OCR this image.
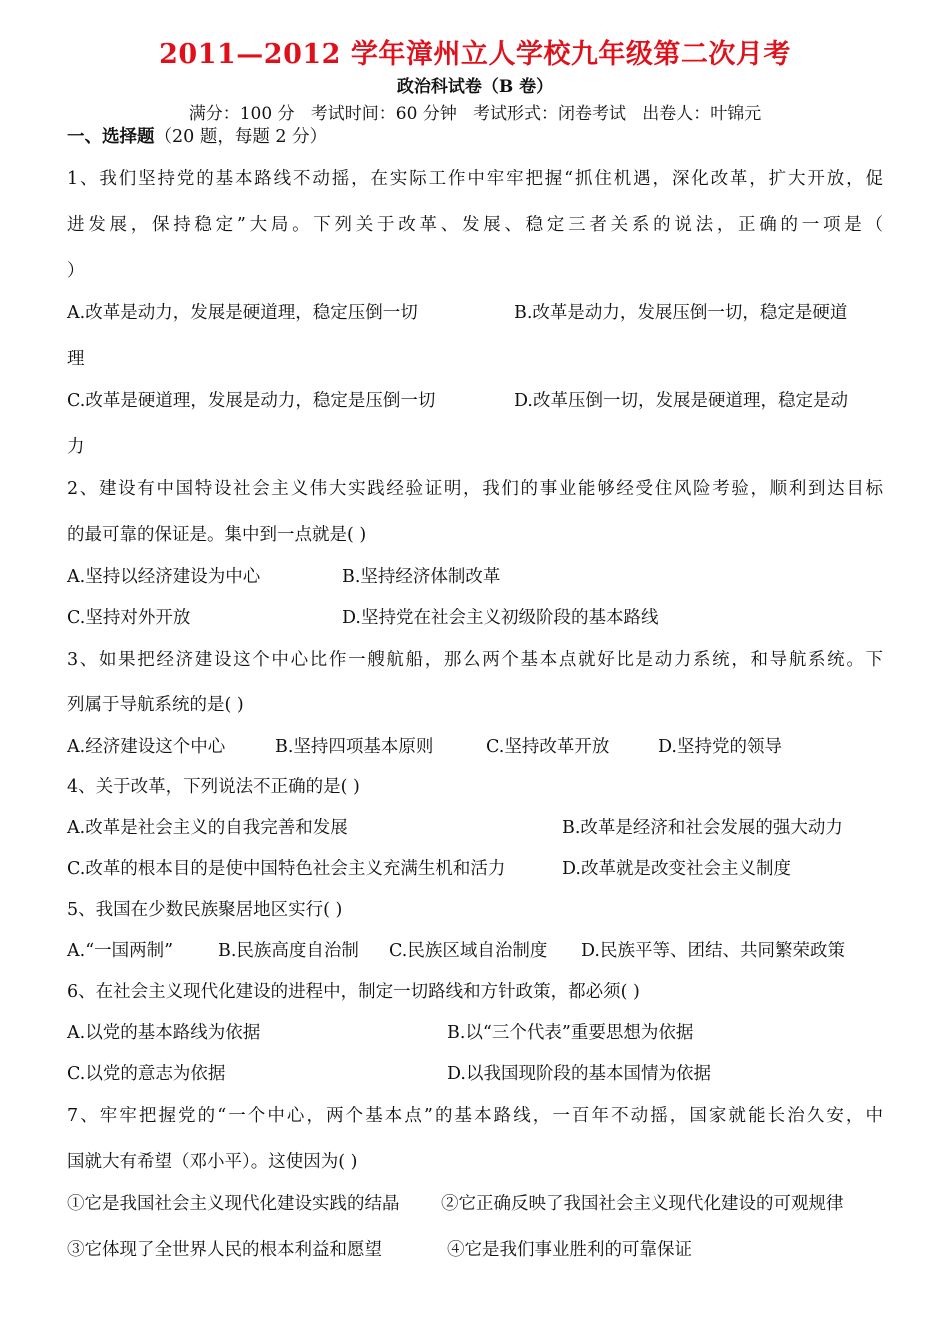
2011—2012 学年漳州立人学校九年级第二次月考
政治科试卷（B 卷）
满分：100 分   考试时间：60 分钟   考试形式：闭卷考试   出卷人：叶锦元
一、选择题（20 题，每题 2 分）
1、我们坚持党的基本路线不动摇，在实际工作中牢牢把握“抓住机遇，深化改革，扩大开放，促
进发展，保持稳定”大局。下列关于改革、发展、稳定三者关系的说法，正确的一项是（
）
A.改革是动力，发展是硬道理，稳定压倒一切	B.改革是动力，发展压倒一切，稳定是硬道
理
C.改革是硬道理，发展是动力，稳定是压倒一切	D.改革压倒一切，发展是硬道理，稳定是动
力
2、建设有中国特设社会主义伟大实践经验证明，我们的事业能够经受住风险考验，顺利到达目标
的最可靠的保证是。集中到一点就是( )
A.坚持以经济建设为中心	B.坚持经济体制改革
C.坚持对外开放	D.坚持党在社会主义初级阶段的基本路线
3、如果把经济建设这个中心比作一艘航船，那么两个基本点就好比是动力系统，和导航系统。下
列属于导航系统的是( )
A.经济建设这个中心	B.坚持四项基本原则	C.坚持改革开放	D.坚持党的领导
4、关于改革，下列说法不正确的是( )
A.改革是社会主义的自我完善和发展	B.改革是经济和社会发展的强大动力
C.改革的根本目的是使中国特色社会主义充满生机和活力	D.改革就是改变社会主义制度
5、我国在少数民族聚居地区实行( )
A.“一国两制”	B.民族高度自治制 C.民族区域自治制度 D.民族平等、团结、共同繁荣政策
6、在社会主义现代化建设的进程中，制定一切路线和方针政策，都必须( )
A.以党的基本路线为依据	B.以“三个代表”重要思想为依据
C.以党的意志为依据	D.以我国现阶段的基本国情为依据
7、牢牢把握党的“一个中心，两个基本点”的基本路线，一百年不动摇，国家就能长治久安，中
国就大有希望（邓小平）。这使因为( )
①它是我国社会主义现代化建设实践的结晶 ②它正确反映了我国社会主义现代化建设的可观规律
③它体现了全世界人民的根本利益和愿望	④它是我们事业胜利的可靠保证
